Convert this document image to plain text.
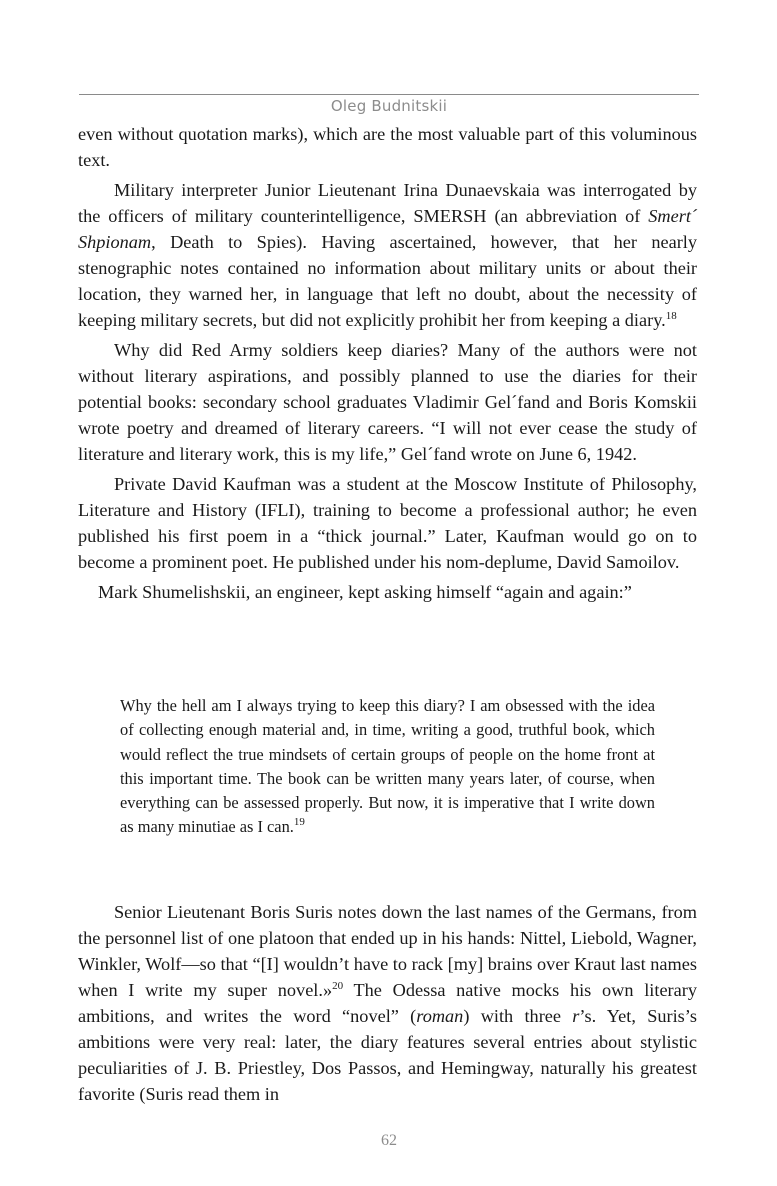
Oleg Budnitskii

even without quotation marks), which are the most valuable part of this voluminous text.

Military interpreter Junior Lieutenant Irina Dunaevskaia was interrogated by the officers of military counterintelligence, SMERSH (an abbreviation of Smert´ Shpionam, Death to Spies). Having ascertained, however, that her nearly stenographic notes contained no information about military units or about their location, they warned her, in language that left no doubt, about the necessity of keeping military secrets, but did not explicitly prohibit her from keeping a diary.$^{18}$

Why did Red Army soldiers keep diaries? Many of the authors were not without literary aspirations, and possibly planned to use the diaries for their potential books: secondary school graduates Vladimir Gel´fand and Boris Komskii wrote poetry and dreamed of literary careers. “I will not ever cease the study of literature and literary work, this is my life,” Gel´fand wrote on June 6, 1942.

Private David Kaufman was a student at the Moscow Institute of Philosophy, Literature and History (IFLI), training to become a professional author; he even published his first poem in a “thick journal.” Later, Kaufman would go on to become a prominent poet. He published under his nom-deplume, David Samoilov.

Mark Shumelishskii, an engineer, kept asking himself “again and again:”

Why the hell am I always trying to keep this diary? I am obsessed with the idea of collecting enough material and, in time, writing a good, truthful book, which would reflect the true mindsets of certain groups of people on the home front at this important time. The book can be written many years later, of course, when everything can be assessed properly. But now, it is imperative that I write down as many minutiae as I can.$^{19}$

Senior Lieutenant Boris Suris notes down the last names of the Germans, from the personnel list of one platoon that ended up in his hands: Nittel, Liebold, Wagner, Winkler, Wolf—so that “[I] wouldn’t have to rack [my] brains over Kraut last names when I write my super novel.»$^{20}$ The Odessa native mocks his own literary ambitions, and writes the word “novel” (roman) with three r’s. Yet, Suris’s ambitions were very real: later, the diary features several entries about stylistic peculiarities of J. B. Priestley, Dos Passos, and Hemingway, naturally his greatest favorite (Suris read them in

62
